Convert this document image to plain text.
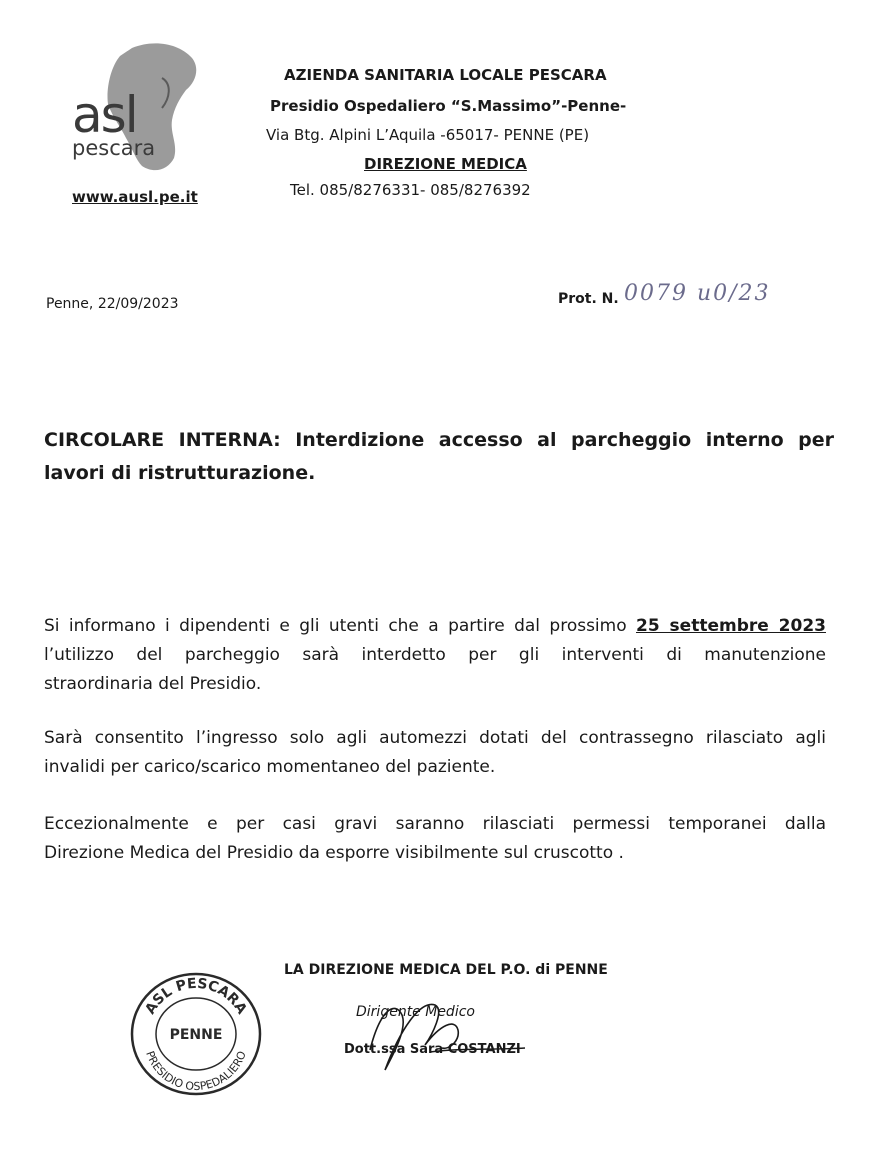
asl
pescara
www.ausl.pe.it
AZIENDA SANITARIA LOCALE PESCARA
Presidio Ospedaliero “S.Massimo”-Penne-
Via Btg. Alpini L’Aquila -65017- PENNE (PE)
DIREZIONE MEDICA
Tel. 085/8276331- 085/8276392
Penne, 22/09/2023	Prot. N. 0079 u0/23
CIRCOLARE INTERNA: Interdizione accesso al parcheggio interno per
lavori di ristrutturazione.
Si informano i dipendenti e gli utenti che a partire dal prossimo 25 settembre 2023
l’utilizzo del parcheggio sarà interdetto per gli interventi di manutenzione
straordinaria del Presidio.
Sarà consentito l’ingresso solo agli automezzi dotati del contrassegno rilasciato agli
invalidi per carico/scarico momentaneo del paziente.
Eccezionalmente e per casi gravi saranno rilasciati permessi temporanei dalla
Direzione Medica del Presidio da esporre visibilmente sul cruscotto .
LA DIREZIONE MEDICA DEL P.O. di PENNE
ASL PESCARA
PENNE
PRESIDIO OSPEDALIERO
Dirigente Medico
Dott.ssa Sara COSTANZI
